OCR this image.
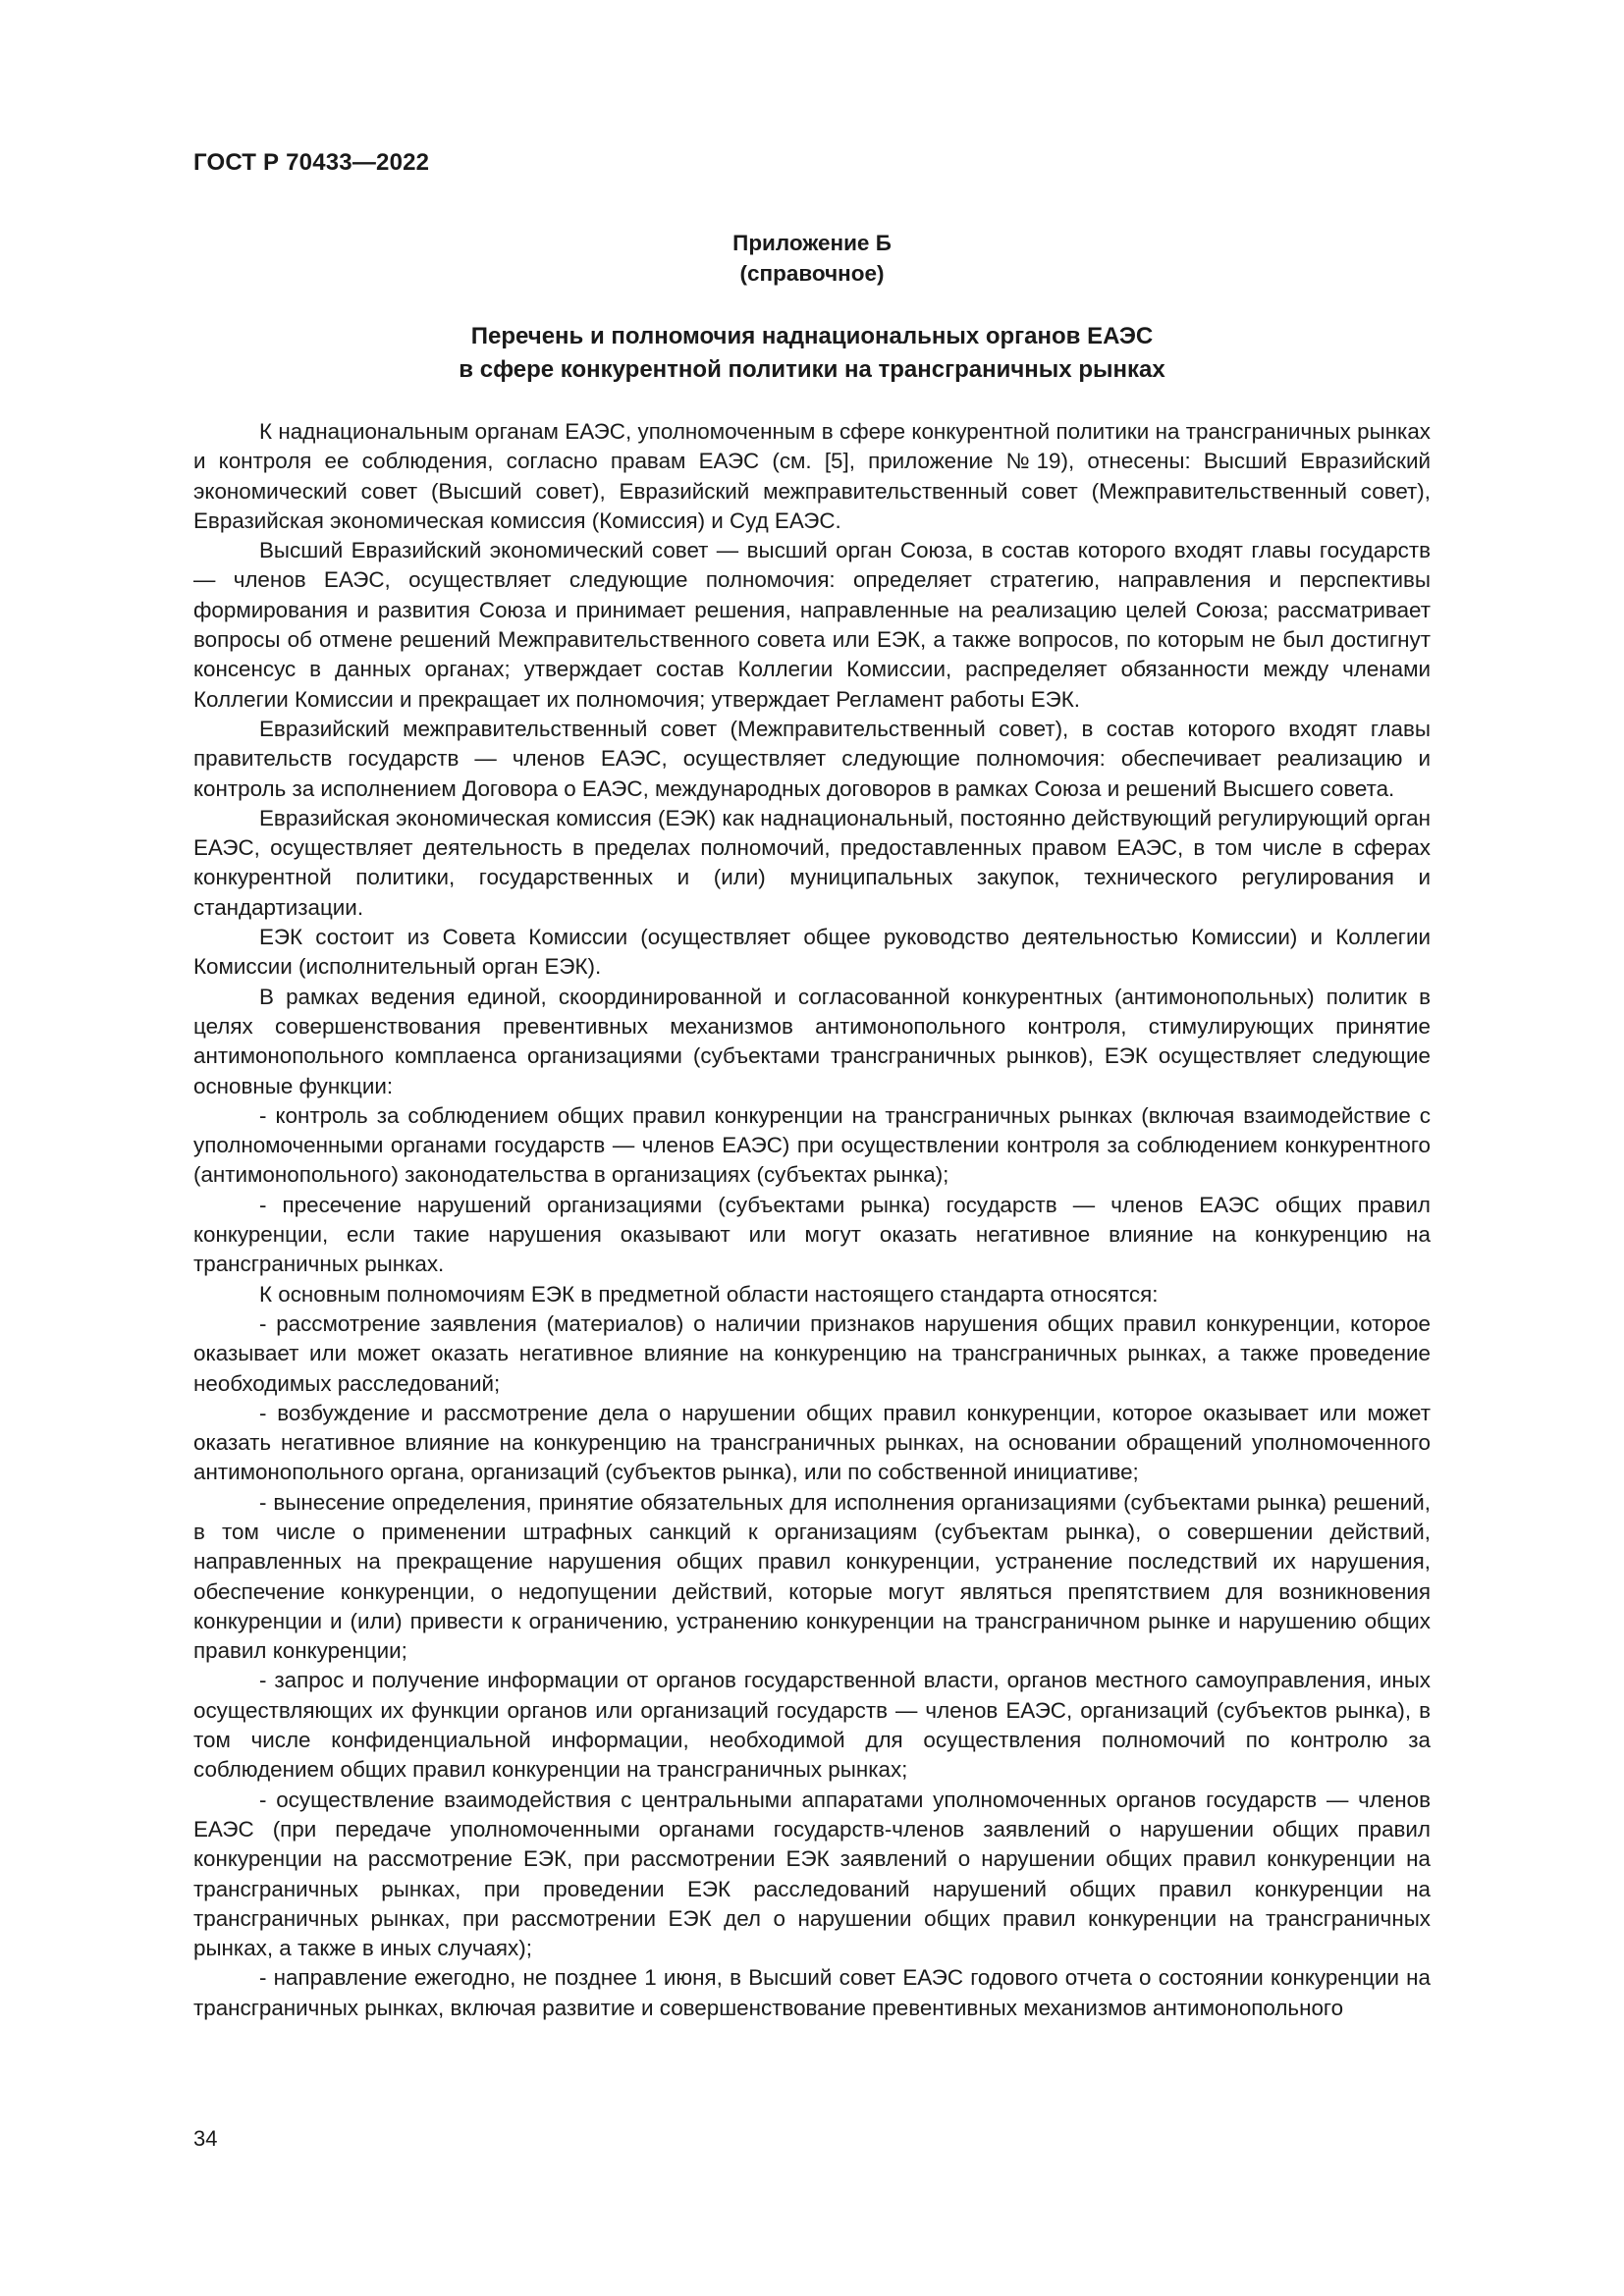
ГОСТ Р 70433—2022
Приложение Б
(справочное)
Перечень и полномочия наднациональных органов ЕАЭС
в сфере конкурентной политики на трансграничных рынках

К наднациональным органам ЕАЭС, уполномоченным в сфере конкурентной политики на трансграничных рынках и контроля ее соблюдения, согласно правам ЕАЭС (см. [5], приложение №19), отнесены: Высший Евразийский экономический совет (Высший совет), Евразийский межправительственный совет (Межправительственный совет), Евразийская экономическая комиссия (Комиссия) и Суд ЕАЭС.

Высший Евразийский экономический совет — высший орган Союза, в состав которого входят главы государств — членов ЕАЭС, осуществляет следующие полномочия: определяет стратегию, направления и перспективы формирования и развития Союза и принимает решения, направленные на реализацию целей Союза; рассматривает вопросы об отмене решений Межправительственного совета или ЕЭК, а также вопросов, по которым не был достигнут консенсус в данных органах; утверждает состав Коллегии Комиссии, распределяет обязанности между членами Коллегии Комиссии и прекращает их полномочия; утверждает Регламент работы ЕЭК.

Евразийский межправительственный совет (Межправительственный совет), в состав которого входят главы правительств государств — членов ЕАЭС, осуществляет следующие полномочия: обеспечивает реализацию и контроль за исполнением Договора о ЕАЭС, международных договоров в рамках Союза и решений Высшего совета.

Евразийская экономическая комиссия (ЕЭК) как наднациональный, постоянно действующий регулирующий орган ЕАЭС, осуществляет деятельность в пределах полномочий, предоставленных правом ЕАЭС, в том числе в сферах конкурентной политики, государственных и (или) муниципальных закупок, технического регулирования и стандартизации.

ЕЭК состоит из Совета Комиссии (осуществляет общее руководство деятельностью Комиссии) и Коллегии Комиссии (исполнительный орган ЕЭК).

В рамках ведения единой, скоординированной и согласованной конкурентных (антимонопольных) политик в целях совершенствования превентивных механизмов антимонопольного контроля, стимулирующих принятие антимонопольного комплаенса организациями (субъектами трансграничных рынков), ЕЭК осуществляет следующие основные функции:

- контроль за соблюдением общих правил конкуренции на трансграничных рынках (включая взаимодействие с уполномоченными органами государств — членов ЕАЭС) при осуществлении контроля за соблюдением конкурентного (антимонопольного) законодательства в организациях (субъектах рынка);

- пресечение нарушений организациями (субъектами рынка) государств — членов ЕАЭС общих правил конкуренции, если такие нарушения оказывают или могут оказать негативное влияние на конкуренцию на трансграничных рынках.

К основным полномочиям ЕЭК в предметной области настоящего стандарта относятся:

- рассмотрение заявления (материалов) о наличии признаков нарушения общих правил конкуренции, которое оказывает или может оказать негативное влияние на конкуренцию на трансграничных рынках, а также проведение необходимых расследований;

- возбуждение и рассмотрение дела о нарушении общих правил конкуренции, которое оказывает или может оказать негативное влияние на конкуренцию на трансграничных рынках, на основании обращений уполномоченного антимонопольного органа, организаций (субъектов рынка), или по собственной инициативе;

- вынесение определения, принятие обязательных для исполнения организациями (субъектами рынка) решений, в том числе о применении штрафных санкций к организациям (субъектам рынка), о совершении действий, направленных на прекращение нарушения общих правил конкуренции, устранение последствий их нарушения, обеспечение конкуренции, о недопущении действий, которые могут являться препятствием для возникновения конкуренции и (или) привести к ограничению, устранению конкуренции на трансграничном рынке и нарушению общих правил конкуренции;

- запрос и получение информации от органов государственной власти, органов местного самоуправления, иных осуществляющих их функции органов или организаций государств — членов ЕАЭС, организаций (субъектов рынка), в том числе конфиденциальной информации, необходимой для осуществления полномочий по контролю за соблюдением общих правил конкуренции на трансграничных рынках;

- осуществление взаимодействия с центральными аппаратами уполномоченных органов государств — членов ЕАЭС (при передаче уполномоченными органами государств-членов заявлений о нарушении общих правил конкуренции на рассмотрение ЕЭК, при рассмотрении ЕЭК заявлений о нарушении общих правил конкуренции на трансграничных рынках, при проведении ЕЭК расследований нарушений общих правил конкуренции на трансграничных рынках, при рассмотрении ЕЭК дел о нарушении общих правил конкуренции на трансграничных рынках, а также в иных случаях);

- направление ежегодно, не позднее 1 июня, в Высший совет ЕАЭС годового отчета о состоянии конкуренции на трансграничных рынках, включая развитие и совершенствование превентивных механизмов антимонопольного

34
